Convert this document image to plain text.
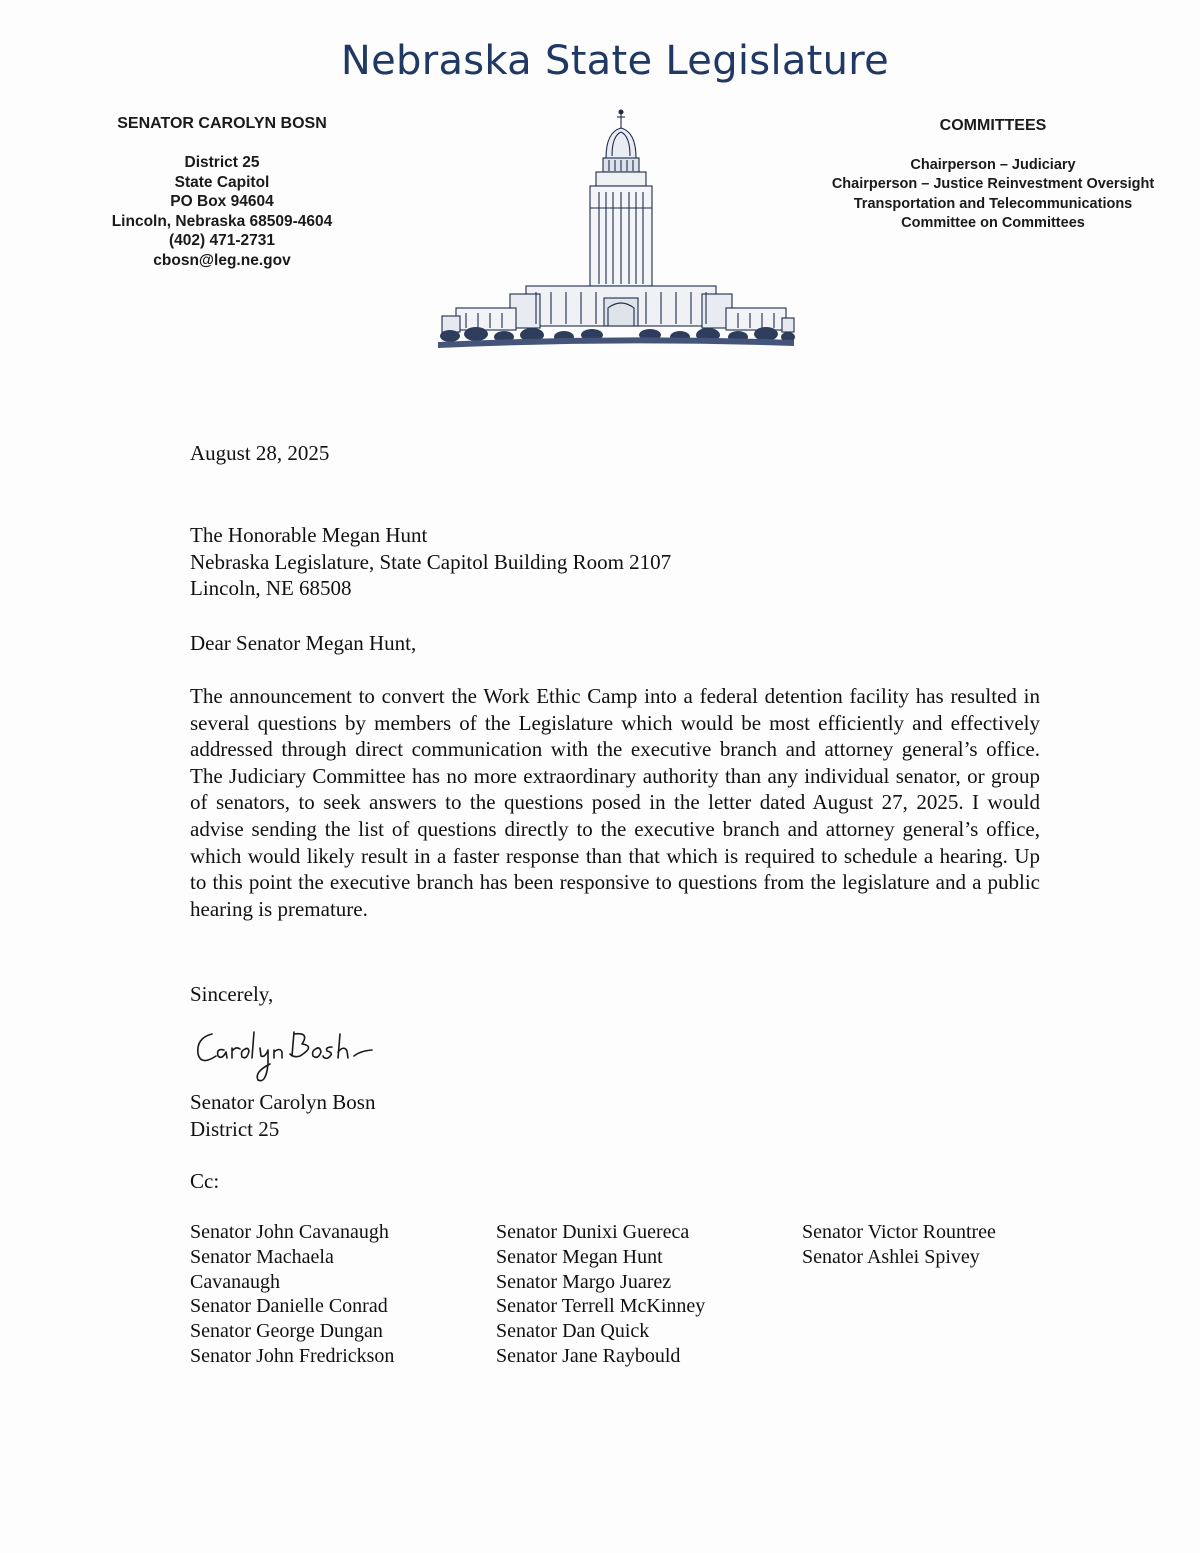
Nebraska State Legislature
SENATOR CAROLYN BOSN
District 25
State Capitol
PO Box 94604
Lincoln, Nebraska 68509-4604
(402) 471-2731
cbosn@leg.ne.gov
COMMITTEES
Chairperson – Judiciary
Chairperson – Justice Reinvestment Oversight
Transportation and Telecommunications
Committee on Committees
August 28, 2025
The Honorable Megan Hunt
Nebraska Legislature, State Capitol Building Room 2107
Lincoln, NE 68508
Dear Senator Megan Hunt,
The announcement to convert the Work Ethic Camp into a federal detention facility has resulted in several questions by members of the Legislature which would be most efficiently and effectively addressed through direct communication with the executive branch and attorney general’s office. The Judiciary Committee has no more extraordinary authority than any individual senator, or group of senators, to seek answers to the questions posed in the letter dated August 27, 2025. I would advise sending the list of questions directly to the executive branch and attorney general’s office, which would likely result in a faster response than that which is required to schedule a hearing. Up to this point the executive branch has been responsive to questions from the legislature and a public hearing is premature.
Sincerely,
Senator Carolyn Bosn
District 25
Cc:
Senator John Cavanaugh
Senator Machaela Cavanaugh
Senator Danielle Conrad
Senator George Dungan
Senator John Fredrickson
Senator Dunixi Guereca
Senator Megan Hunt
Senator Margo Juarez
Senator Terrell McKinney
Senator Dan Quick
Senator Jane Raybould
Senator Victor Rountree
Senator Ashlei Spivey
